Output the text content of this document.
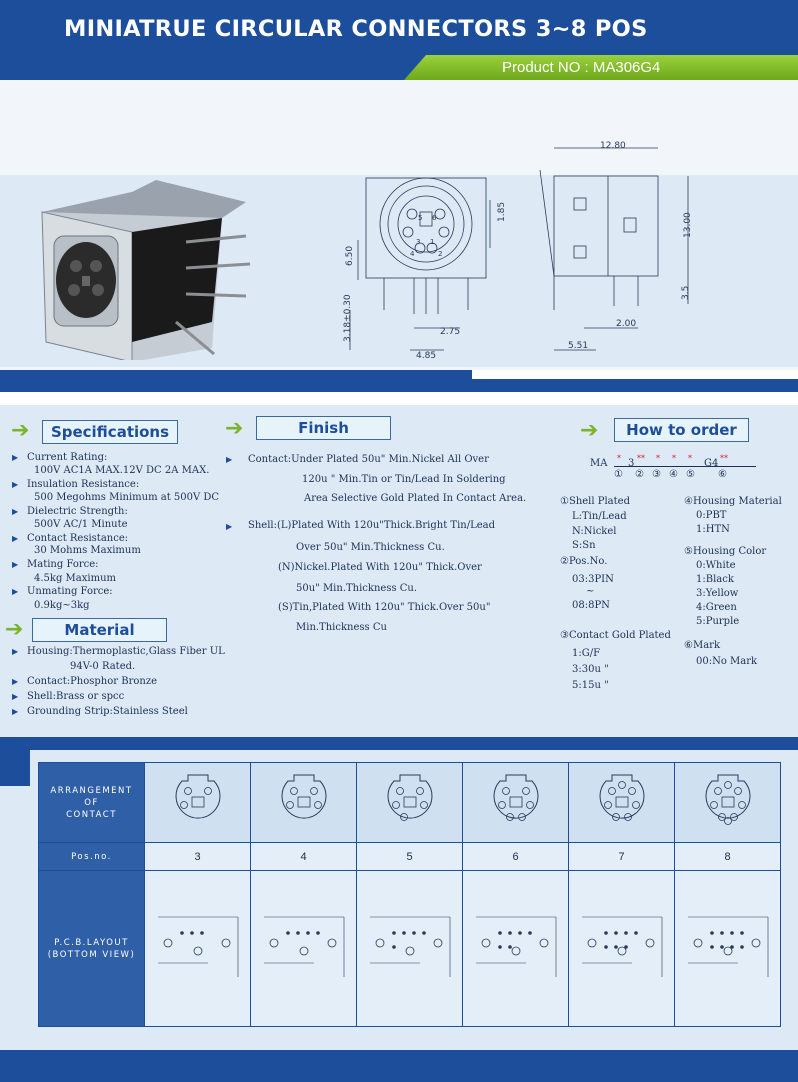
MINIATRUE CIRCULAR CONNECTORS 3~8 POS
Product NO : MA306G4
6.50
1.85
3.18±0.30	2.75
4.85
5 6
3 1
4	2
12.80
13.00
3.5
2.00
5.51
➔	Specifications
▶ Current Rating:
100V AC1A MAX.12V DC 2A MAX.
▶ Insulation Resistance:
500 Megohms Minimum at 500V DC
▶ Dielectric Strength:
500V AC/1 Minute
▶ Contact Resistance:
30 Mohms Maximum
▶ Mating Force:
4.5kg Maximum
▶ Unmating Force:
0.9kg~3kg
➔	Material
▶ Housing:Thermoplastic,Glass Fiber UL
94V-0 Rated.
▶ Contact:Phosphor Bronze
▶ Shell:Brass or spcc
▶ Grounding Strip:Stainless Steel
➔	Finish
▶ Contact:Under Plated 50u" Min.Nickel All Over
120u " Min.Tin or Tin/Lead In Soldering
Area Selective Gold Plated In Contact Area.
▶ Shell:(L)Plated With 120u"Thick.Bright Tin/Lead
Over 50u" Min.Thickness Cu.
(N)Nickel.Plated With 120u" Thick.Over
50u" Min.Thickness Cu.
(S)Tin,Plated With 120u" Thick.Over 50u"
Min.Thickness Cu
➔	How to order
MA * 3 ** * * * G4 **
① ② ③ ④ ⑤ ⑥
①Shell Plated
L:Tin/Lead
N:Nickel
S:Sn
②Pos.No.
03:3PIN
~
08:8PN
③Contact Gold Plated
1:G/F
3:30u "
5:15u "
④Housing Material
0:PBT
1:HTN
⑤Housing Color
0:White
1:Black
3:Yellow
4:Green
5:Purple
⑥Mark
00:No Mark
ARRANGEMENT
OF
CONTACT

Pos.no.	3	4	5	6	7	8

P.C.B.LAYOUT
(BOTTOM VIEW)
